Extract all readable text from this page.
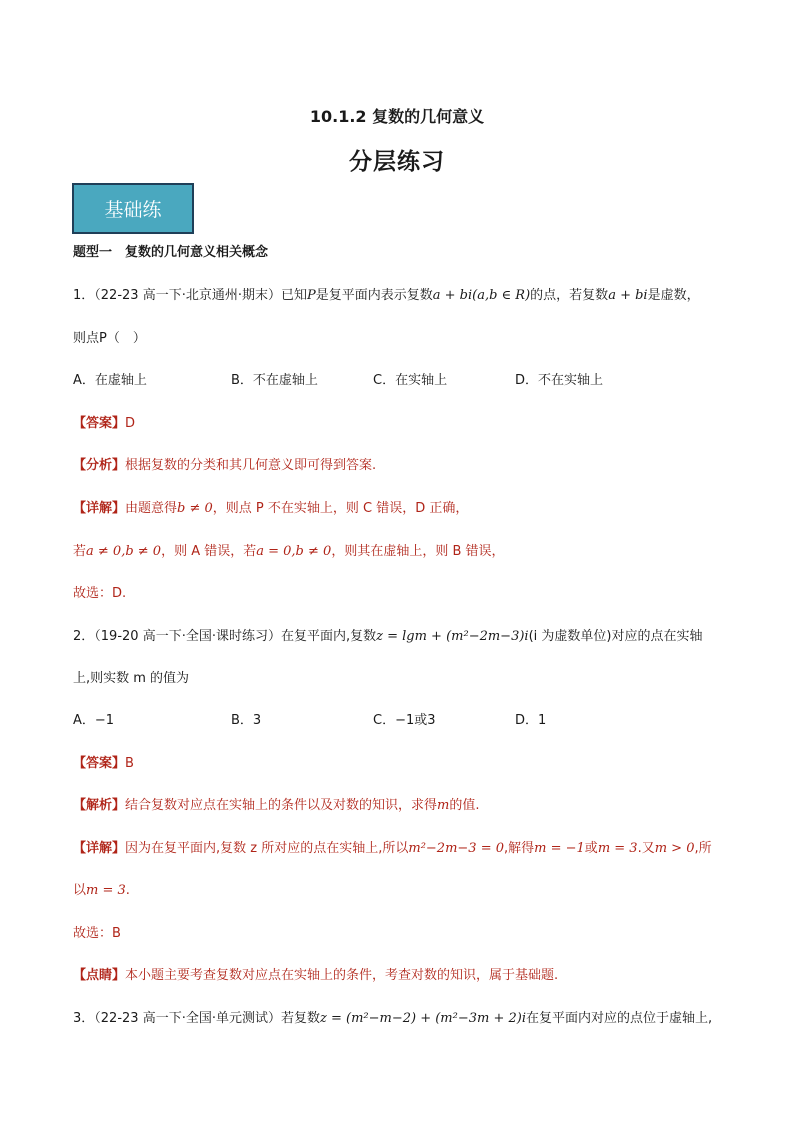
10.1.2 复数的几何意义
分层练习
基础练
题型一　复数的几何意义相关概念
1．（22-23 高一下·北京通州·期末）已知P是复平面内表示复数a + bi(a,b ∈ R)的点，若复数a + bi是虚数，
则点P（　）
A．在虚轴上	B．不在虚轴上	C．在实轴上	D．不在实轴上
【答案】D
【分析】根据复数的分类和其几何意义即可得到答案.
【详解】由题意得b ≠ 0，则点 P 不在实轴上，则 C 错误，D 正确，
若a ≠ 0,b ≠ 0，则 A 错误，若a = 0,b ≠ 0，则其在虚轴上，则 B 错误，
故选：D.
2．（19-20 高一下·全国·课时练习）在复平面内,复数z = lgm + (m²−2m−3)i(i 为虚数单位)对应的点在实轴
上,则实数 m 的值为
A．−1	B．3	C．−1或3	D．1
【答案】B
【解析】结合复数对应点在实轴上的条件以及对数的知识，求得m的值.
【详解】因为在复平面内,复数 z 所对应的点在实轴上,所以m²−2m−3 = 0,解得m = −1或m = 3.又m > 0,所
以m = 3.
故选：B
【点睛】本小题主要考查复数对应点在实轴上的条件，考查对数的知识，属于基础题.
3．（22-23 高一下·全国·单元测试）若复数z = (m²−m−2) + (m²−3m + 2)i在复平面内对应的点位于虚轴上,
